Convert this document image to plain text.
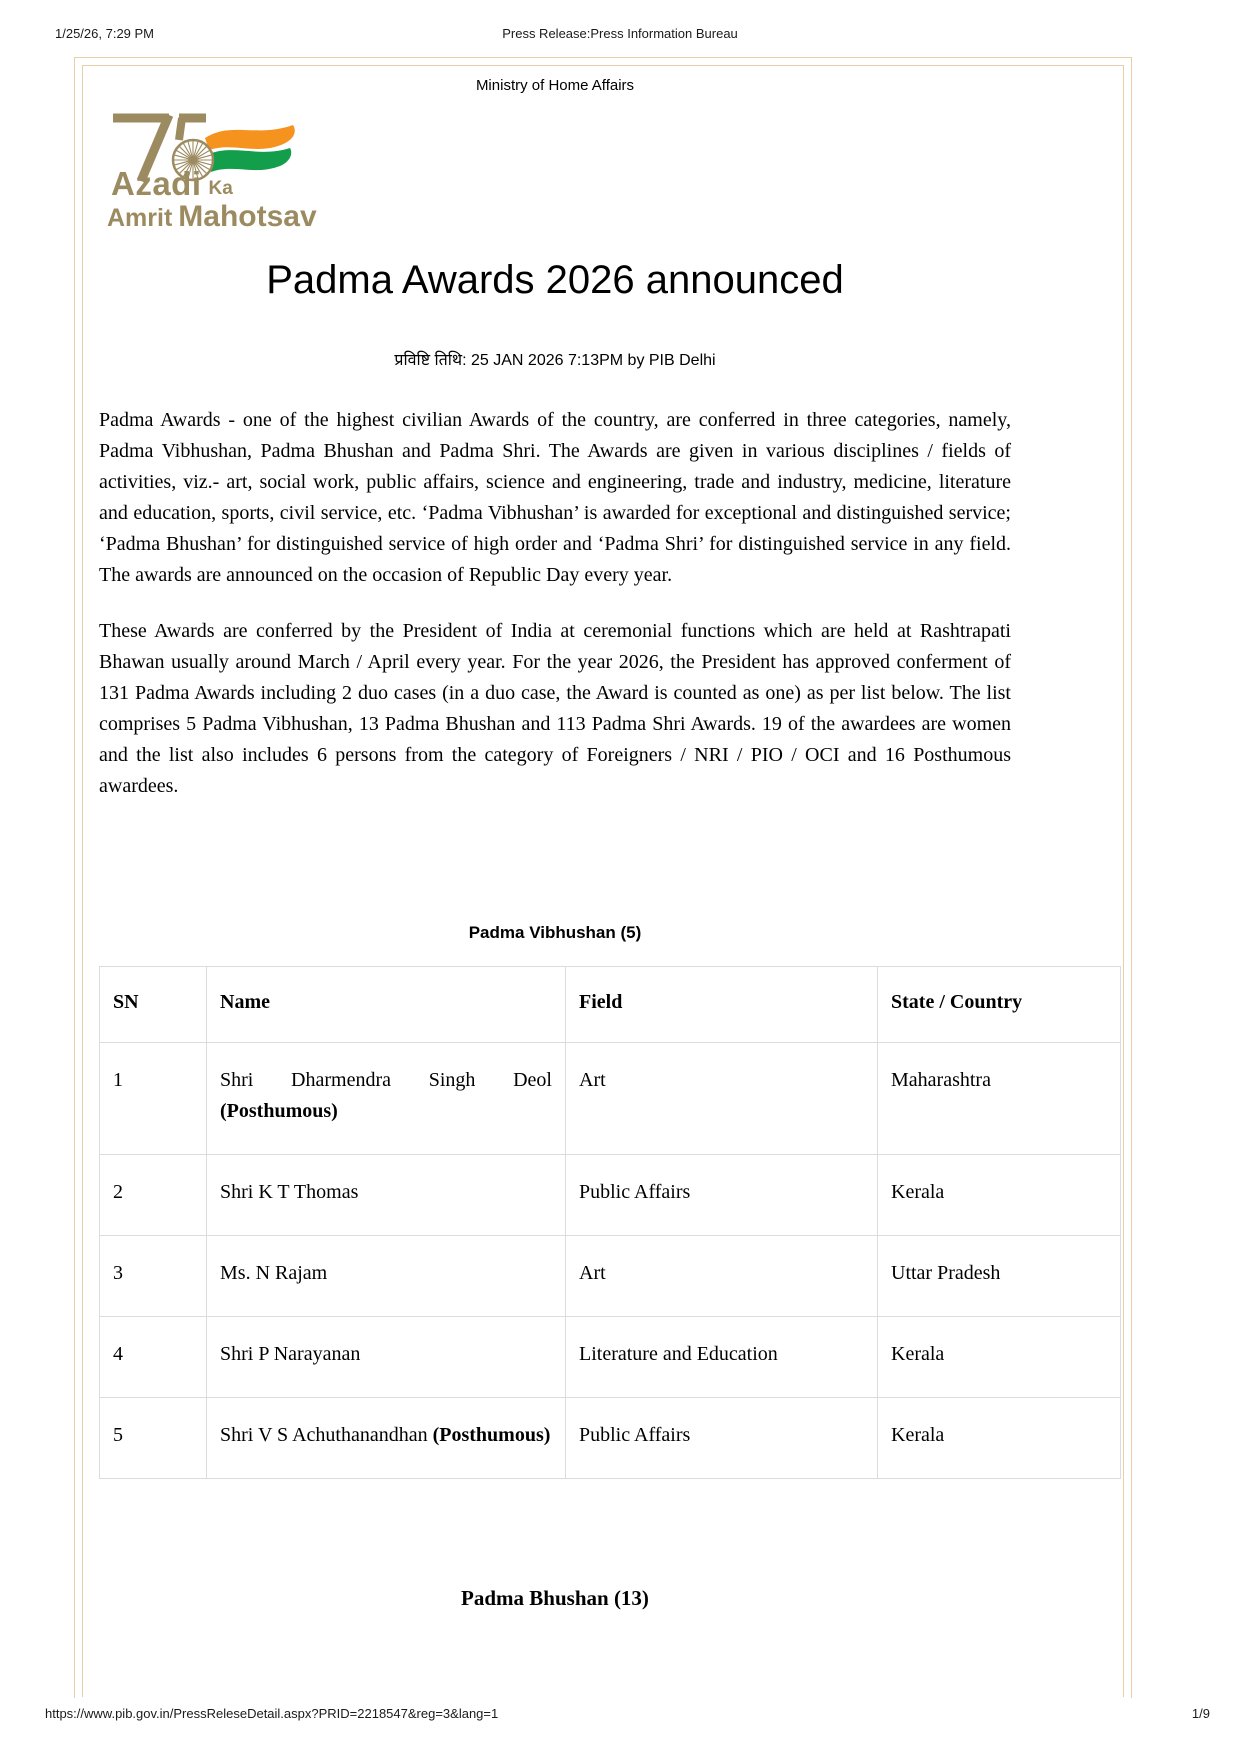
1/25/26, 7:29 PM	Press Release:Press Information Bureau
Ministry of Home Affairs
Azadi Ka
Amrit Mahotsav
Padma Awards 2026 announced
प्रविष्टि तिथि: 25 JAN 2026 7:13PM by PIB Delhi

Padma Awards - one of the highest civilian Awards of the country, are conferred in three categories, namely, Padma Vibhushan, Padma Bhushan and Padma Shri. The Awards are given in various disciplines / fields of activities, viz.- art, social work, public affairs, science and engineering, trade and industry, medicine, literature and education, sports, civil service, etc. ‘Padma Vibhushan’ is awarded for exceptional and distinguished service; ‘Padma Bhushan’ for distinguished service of high order and ‘Padma Shri’ for distinguished service in any field. The awards are announced on the occasion of Republic Day every year.

These Awards are conferred by the President of India at ceremonial functions which are held at Rashtrapati Bhawan usually around March / April every year. For the year 2026, the President has approved conferment of 131 Padma Awards including 2 duo cases (in a duo case, the Award is counted as one) as per list below. The list comprises 5 Padma Vibhushan, 13 Padma Bhushan and 113 Padma Shri Awards. 19 of the awardees are women and the list also includes 6 persons from the category of Foreigners / NRI / PIO / OCI and 16 Posthumous awardees.

Padma Vibhushan (5)
SN	Name	Field	State / Country
1	Shri Dharmendra Singh Deol (Posthumous)	Art	Maharashtra
2	Shri K T Thomas	Public Affairs	Kerala
3	Ms. N Rajam	Art	Uttar Pradesh
4	Shri P Narayanan	Literature and Education	Kerala
5	Shri V S Achuthanandhan (Posthumous)	Public Affairs	Kerala
Padma Bhushan (13)
https://www.pib.gov.in/PressReleseDetail.aspx?PRID=2218547&reg=3&lang=1	1/9
